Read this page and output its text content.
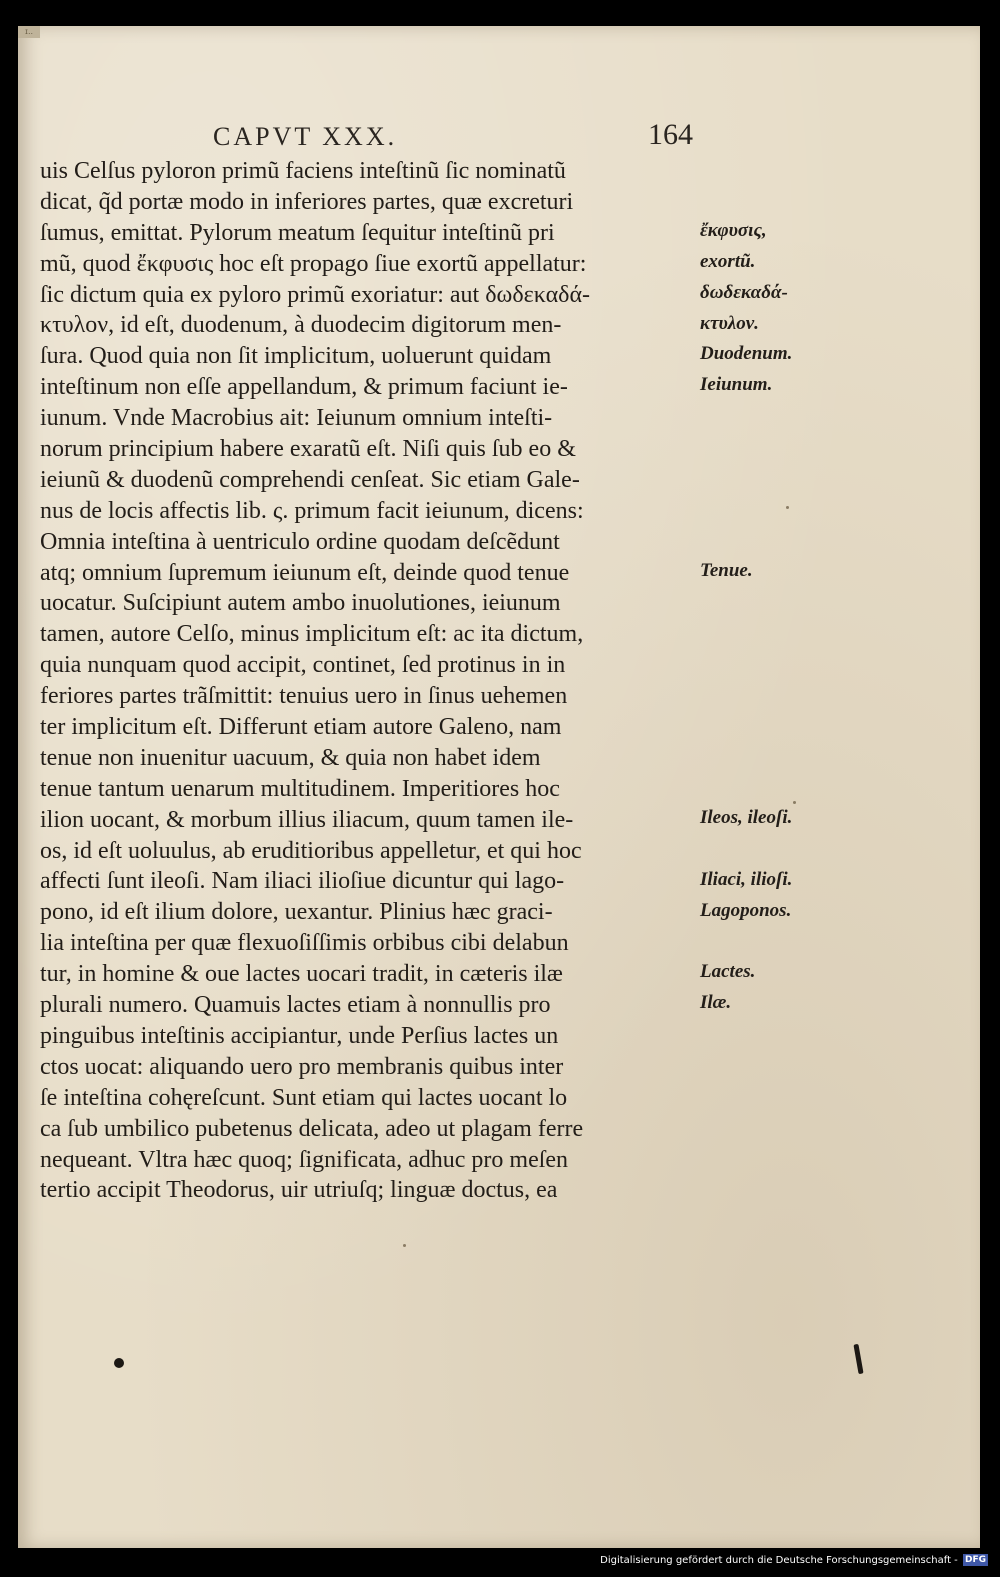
ɪ..
CAPVT XXX.	164
uis Celſus pyloron primũ faciens inteſtinũ ſic nominatũ
dicat, q̃d portæ modo in inferiores partes, quæ excreturi
ſumus, emittat. Pylorum meatum ſequitur inteſtinũ pri
mũ, quod ἔκφυσις hoc eſt propago ſiue exortũ appellatur:
ſic dictum quia ex pyloro primũ exoriatur: aut δωδεκαδά-
κτυλον, id eſt, duodenum, à duodecim digitorum men-
ſura. Quod quia non ſit implicitum, uoluerunt quidam
inteſtinum non eſſe appellandum, & primum faciunt ie-
iunum. Vnde Macrobius ait: Ieiunum omnium inteſti-
norum principium habere exaratũ eſt. Niſi quis ſub eo &
ieiunũ & duodenũ comprehendi cenſeat. Sic etiam Gale-
nus de locis affectis lib. ς. primum facit ieiunum, dicens:
Omnia inteſtina à uentriculo ordine quodam deſcẽdunt
atq; omnium ſupremum ieiunum eſt, deinde quod tenue
uocatur. Suſcipiunt autem ambo inuolutiones, ieiunum
tamen, autore Celſo, minus implicitum eſt: ac ita dictum,
quia nunquam quod accipit, continet, ſed protinus in in
feriores partes trãſmittit: tenuius uero in ſinus uehemen
ter implicitum eſt. Differunt etiam autore Galeno, nam
tenue non inuenitur uacuum, & quia non habet idem
tenue tantum uenarum multitudinem. Imperitiores hoc
ilion uocant, & morbum illius iliacum, quum tamen ile-
os, id eſt uoluulus, ab eruditioribus appelletur, et qui hoc
affecti ſunt ileoſi. Nam iliaci ilioſiue dicuntur qui lago-
pono, id eſt ilium dolore, uexantur. Plinius hæc graci-
lia inteſtina per quæ flexuoſiſſimis orbibus cibi delabun
tur, in homine & oue lactes uocari tradit, in cæteris ilæ
plurali numero. Quamuis lactes etiam à nonnullis pro
pinguibus inteſtinis accipiantur, unde Perſius lactes un
ctos uocat: aliquando uero pro membranis quibus inter
ſe inteſtina cohęreſcunt. Sunt etiam qui lactes uocant lo
ca ſub umbilico pubetenus delicata, adeo ut plagam ferre
nequeant. Vltra hæc quoq; ſignificata, adhuc pro meſen
tertio accipit Theodorus, uir utriuſq; linguæ doctus, ea
ἔκφυσις,
exortũ.
δωδεκαδά-
κτυλον.
Duodenum.
Ieiunum.
Tenue.
Ileos, ileoſi.
Iliaci, ilioſi.
Lagoponos.
Lactes.
Ilæ.
Digitalisierung gefördert durch die Deutsche Forschungsgemeinschaft - DFG
